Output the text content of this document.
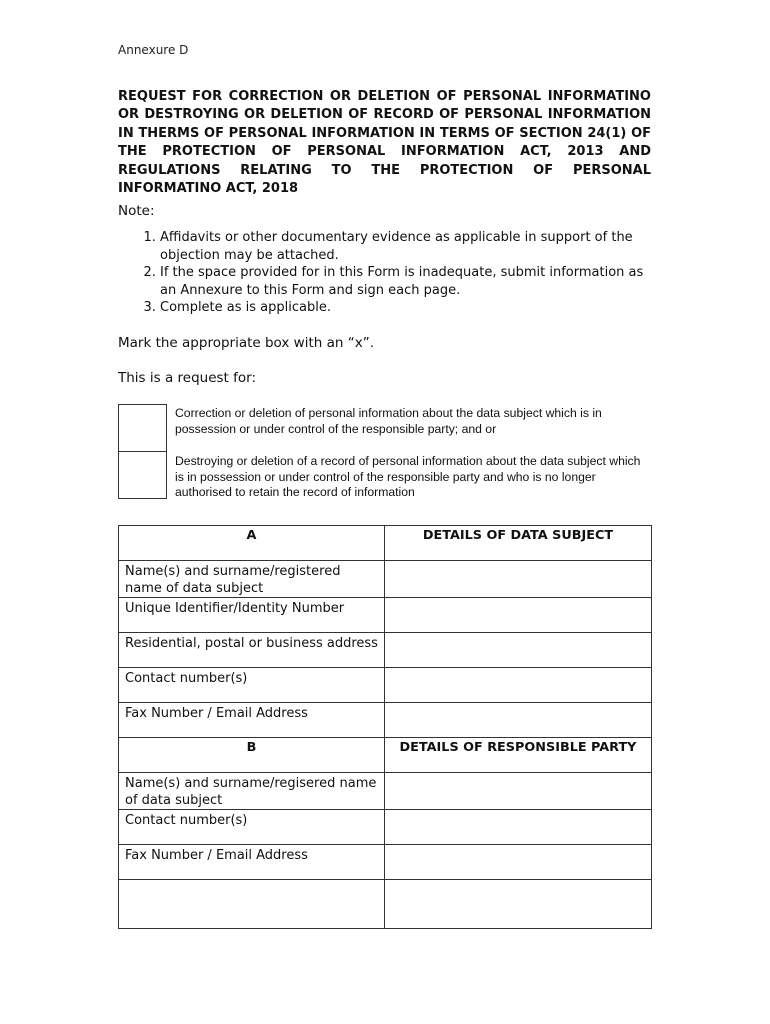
Annexure D
REQUEST FOR CORRECTION OR DELETION OF PERSONAL INFORMATINO OR DESTROYING OR DELETION OF RECORD OF PERSONAL INFORMATION IN THERMS OF PERSONAL INFORMATION IN TERMS OF SECTION 24(1) OF THE PROTECTION OF PERSONAL INFORMATION ACT, 2013 AND REGULATIONS RELATING TO THE PROTECTION OF PERSONAL INFORMATINO ACT, 2018
Note:
1. Affidavits or other documentary evidence as applicable in support of the objection may be attached.
2. If the space provided for in this Form is inadequate, submit information as an Annexure to this Form and sign each page.
3. Complete as is applicable.
Mark the appropriate box with an “x”.
This is a request for:
Correction or deletion of personal information about the data subject which is in possession or under control of the responsible party; and or
Destroying or deletion of a record of personal information about the data subject which is in possession or under control of the responsible party and who is no longer authorised to retain the record of information
A	DETAILS OF DATA SUBJECT
Name(s) and surname/registered name of data subject	
Unique Identifier/Identity Number	
Residential, postal or business address	
Contact number(s)	
Fax Number / Email Address	
B	DETAILS OF RESPONSIBLE PARTY
Name(s) and surname/regisered name of data subject	
Contact number(s)	
Fax Number / Email Address	
